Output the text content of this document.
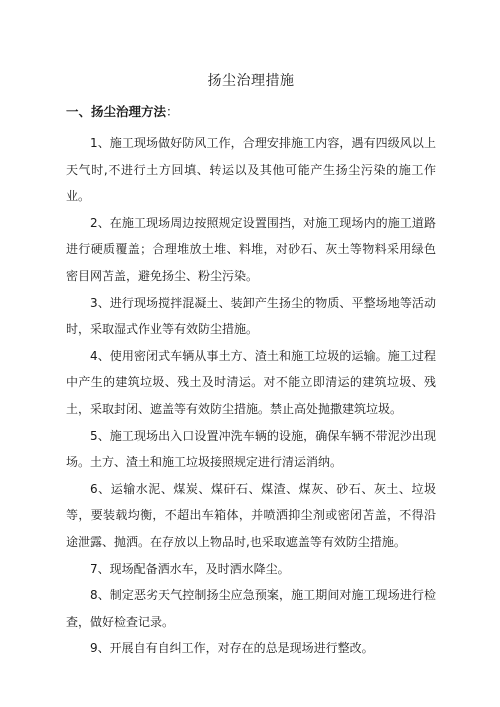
扬尘治理措施
一、扬尘治理方法：

1、施工现场做好防风工作，合理安排施工内容，遇有四级风以上天气时,不进行土方回填、转运以及其他可能产生扬尘污染的施工作业。

2、在施工现场周边按照规定设置围挡，对施工现场内的施工道路进行硬质覆盖；合理堆放土堆、料堆，对砂石、灰土等物料采用绿色密目网苫盖，避免扬尘、粉尘污染。

3、进行现场搅拌混凝土、装卸产生扬尘的物质、平整场地等活动时，采取湿式作业等有效防尘措施。

4、使用密闭式车辆从事土方、渣土和施工垃圾的运输。施工过程中产生的建筑垃圾、残土及时清运。对不能立即清运的建筑垃圾、残土，采取封闭、遮盖等有效防尘措施。禁止高处抛撒建筑垃圾。

5、施工现场出入口设置冲洗车辆的设施，确保车辆不带泥沙出现场。土方、渣土和施工垃圾接照规定进行清运消纳。

6、运输水泥、煤炭、煤矸石、煤渣、煤灰、砂石、灰土、垃圾等，要装载均衡，不超出车箱体，并喷洒抑尘剂或密闭苫盖，不得沿途泄露、抛洒。在存放以上物品时,也采取遮盖等有效防尘措施。

7、现场配备洒水车，及时洒水降尘。

8、制定恶劣天气控制扬尘应急预案，施工期间对施工现场进行检查，做好检查记录。

9、开展自有自纠工作，对存在的总是现场进行整改。
